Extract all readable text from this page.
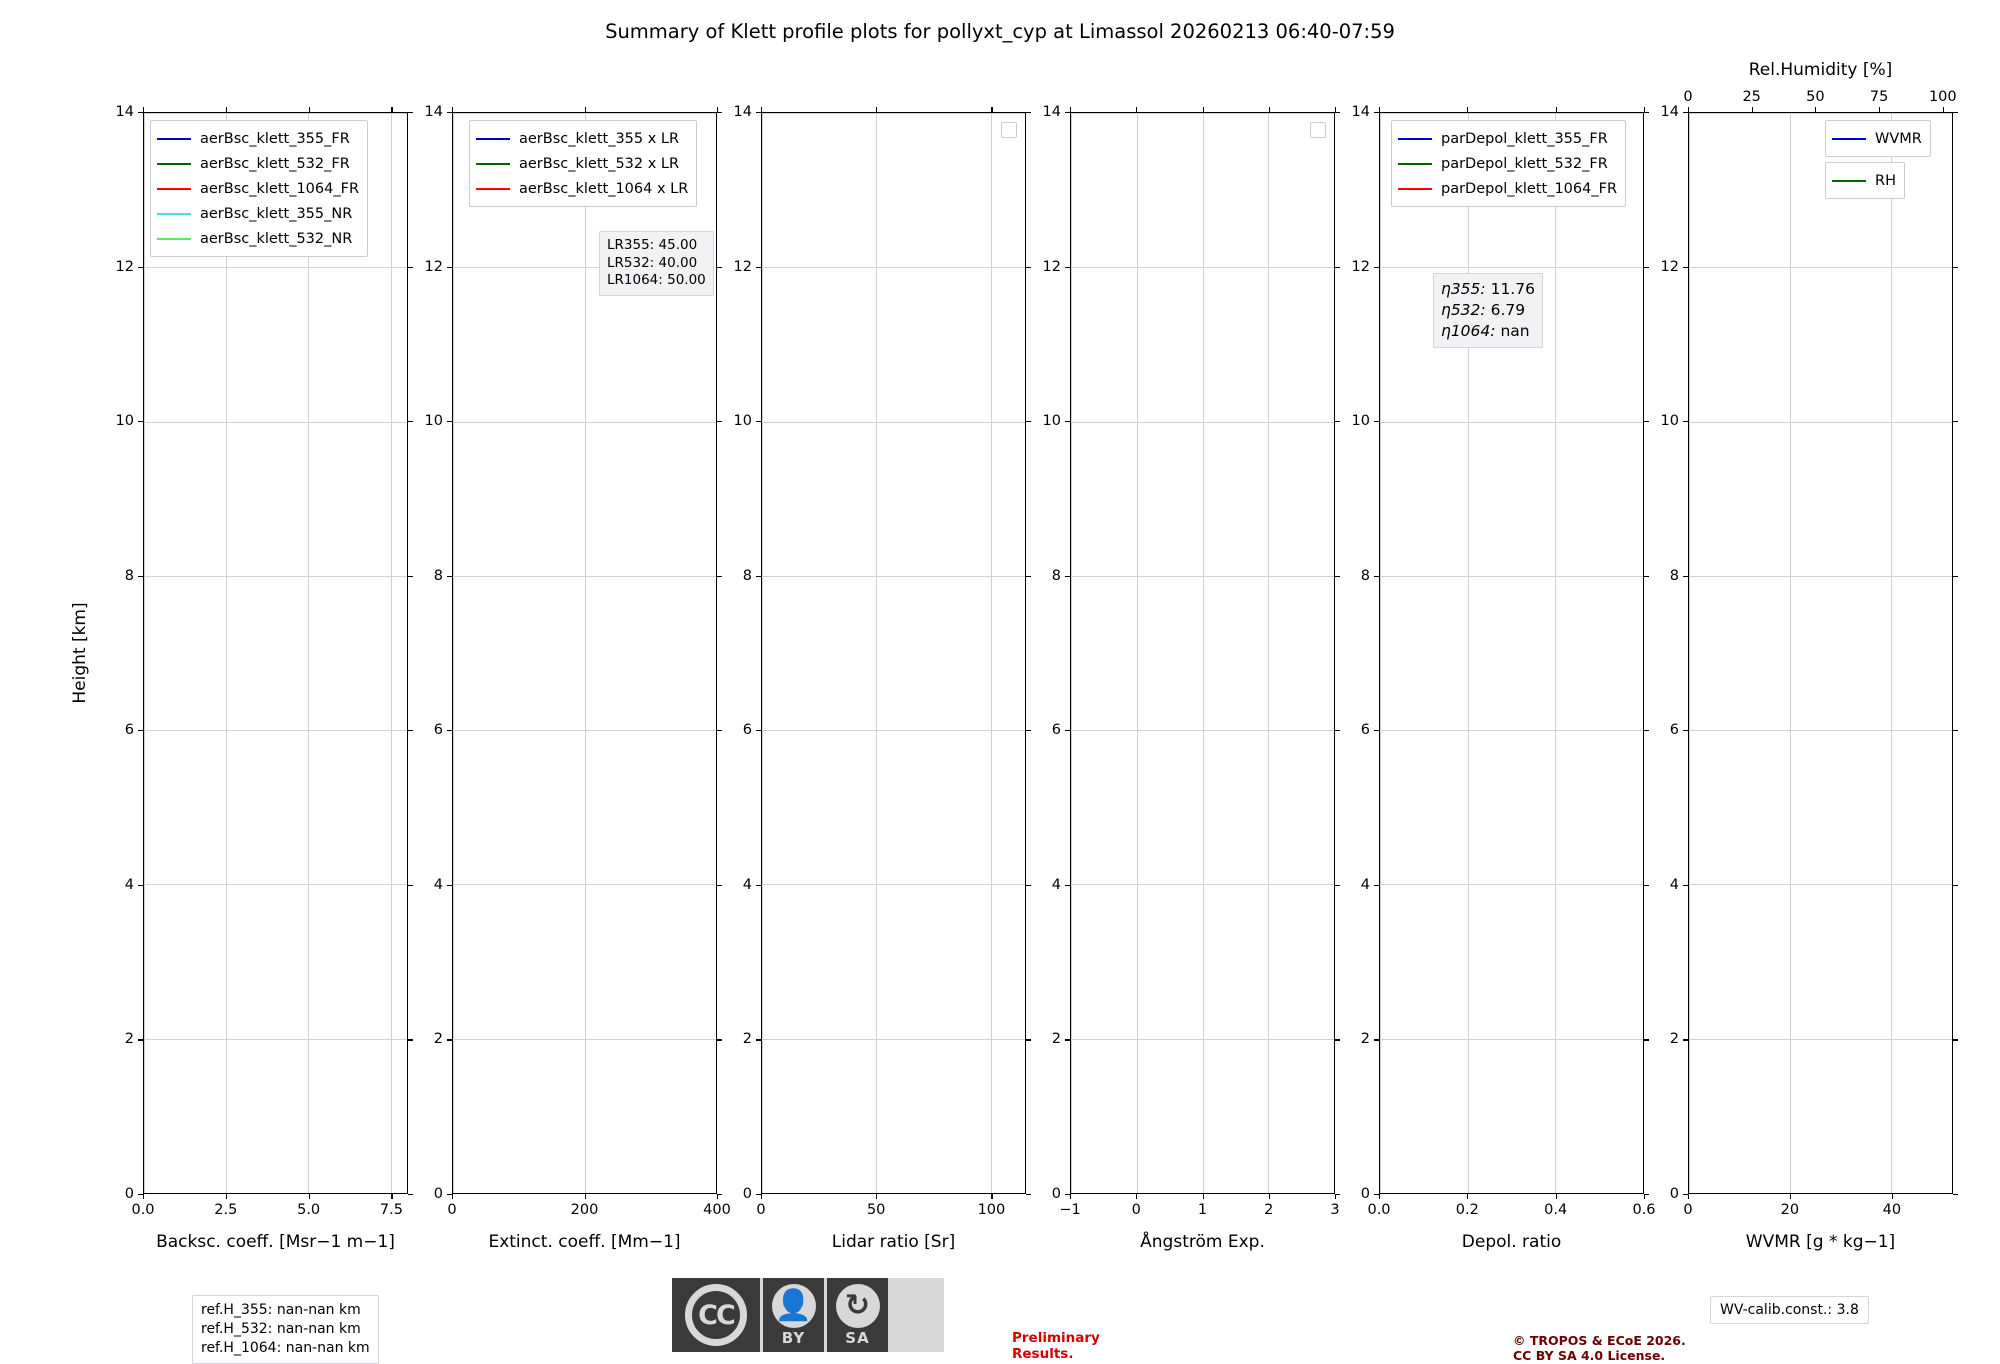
Summary of Klett profile plots for pollyxt_cyp at Limassol 20260213 06:40-07:59
Height [km]
0
2
4
6
8
10
12
14
0.0	2.5	5.0	7.5
Backsc. coeff. [Msr−1 m−1]
aerBsc_klett_355_FR
aerBsc_klett_532_FR
aerBsc_klett_1064_FR
aerBsc_klett_355_NR
aerBsc_klett_532_NR
0
2
4
6
8
10
12
14
0	200	400
Extinct. coeff. [Mm−1]
aerBsc_klett_355 x LR
aerBsc_klett_532 x LR
aerBsc_klett_1064 x LR
LR355: 45.00
LR532: 40.00
LR1064: 50.00
0
2
4
6
8
10
12
14
0	50	100
Lidar ratio [Sr]
0
2
4
6
8
10
12
14
−1	0	1	2	3
Ångström Exp.
0
2
4
6
8
10
12
14
0.0	0.2	0.4	0.6
Depol. ratio
parDepol_klett_355_FR
parDepol_klett_532_FR
parDepol_klett_1064_FR
η355: 11.76
η532: 6.79
η1064: nan
0
2
4
6
8
10
12
14
0	20	40
WVMR [g * kg−1]
0	25	50	75	100
Rel.Humidity [%]
WVMR
RH
ref.H_355: nan-nan km
ref.H_532: nan-nan km
ref.H_1064: nan-nan km
CC	👤
BY
↻
SA	Preliminary
Results.
© TROPOS & ECoE 2026.
CC BY SA 4.0 License.
WV-calib.const.: 3.8
